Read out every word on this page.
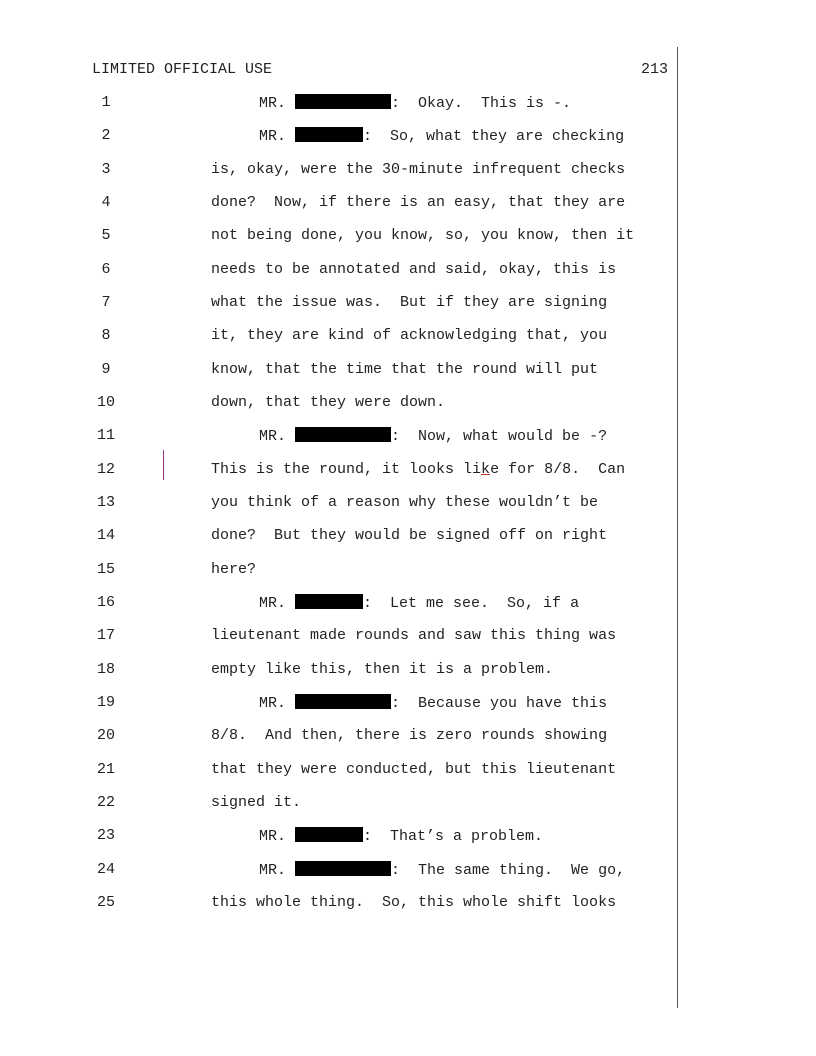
LIMITED OFFICIAL USE	213
1	MR.	:  Okay.  This is -.
2	MR.	:  So, what they are checking
3	is, okay, were the 30-minute infrequent checks
4	done?  Now, if there is an easy, that they are
5	not being done, you know, so, you know, then it
6	needs to be annotated and said, okay, this is
7	what the issue was.  But if they are signing
8	it, they are kind of acknowledging that, you
9	know, that the time that the round will put
10	down, that they were down.
11	MR.	:  Now, what would be -?
12	This is the round, it looks like for 8/8.  Can
13	you think of a reason why these wouldn’t be
14	done?  But they would be signed off on right
15	here?
16	MR.	:  Let me see.  So, if a
17	lieutenant made rounds and saw this thing was
18	empty like this, then it is a problem.
19	MR.	:  Because you have this
20	8/8.  And then, there is zero rounds showing
21	that they were conducted, but this lieutenant
22	signed it.
23	MR.	:  That’s a problem.
24	MR.	:  The same thing.  We go,
25	this whole thing.  So, this whole shift looks
